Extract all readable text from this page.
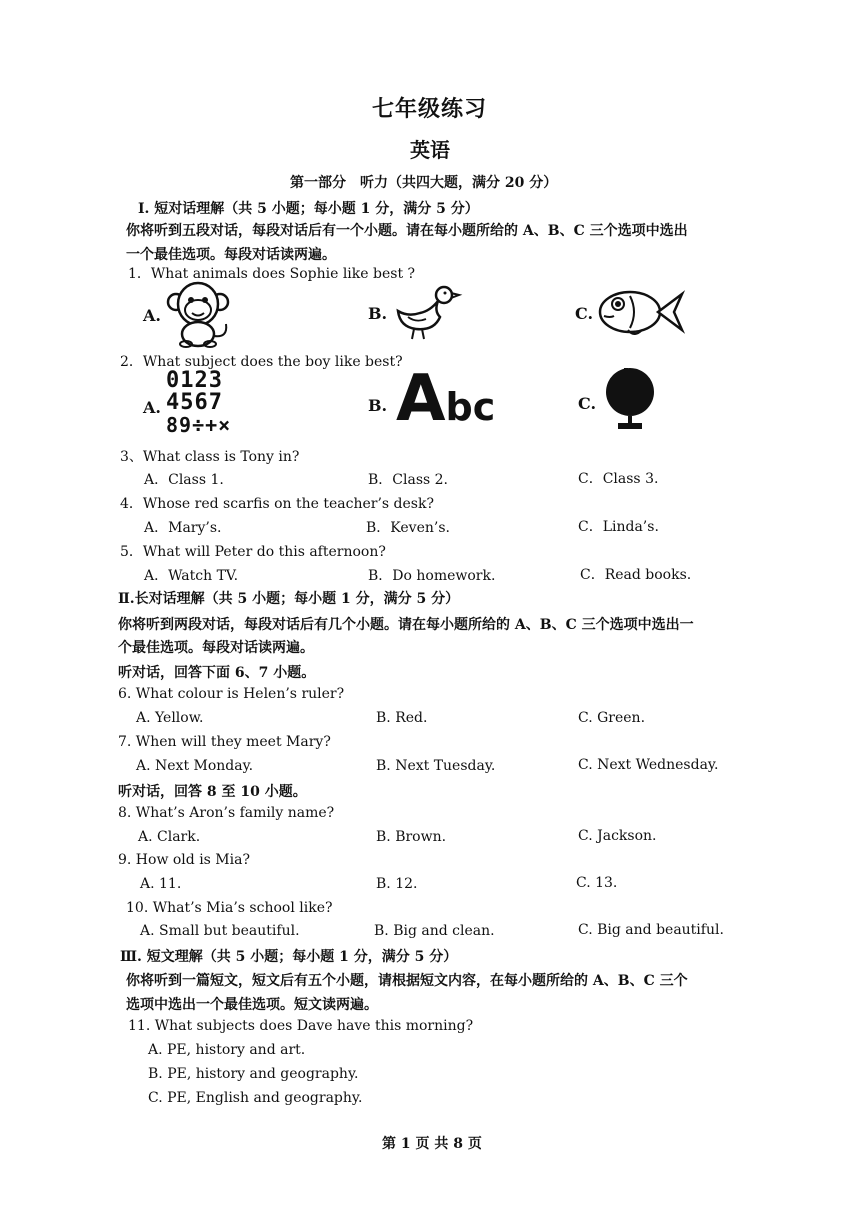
七年级练习
英语
第一部分　听力（共四大题，满分 20 分）
Ⅰ. 短对话理解（共 5 小题；每小题 1 分，满分 5 分）
你将听到五段对话，每段对话后有一个小题。请在每小题所给的 A、B、C 三个选项中选出
一个最佳选项。每段对话读两遍。
1．What animals does Sophie like best ?
A.	B.	C.
2．What subject does the boy like best?
A.
0123
4567
89÷+×
B. Abc	C.
3、What class is Tony in?
A．Class 1.	B．Class 2.	C．Class 3.
4．Whose red scarfis on the teacher’s desk?
A．Mary’s.	B．Keven’s.	C．Linda’s.
5．What will Peter do this afternoon?
A．Watch TV.	B．Do homework.	C．Read books.
Ⅱ.长对话理解（共 5 小题；每小题 1 分，满分 5 分）
你将听到两段对话，每段对话后有几个小题。请在每小题所给的 A、B、C 三个选项中选出一
个最佳选项。每段对话读两遍。
听对话，回答下面 6、7 小题。
6. What colour is Helen’s ruler?
A. Yellow.	B. Red.	C. Green.
7. When will they meet Mary?
A. Next Monday.	B. Next Tuesday.	C. Next Wednesday.
听对话，回答 8 至 10 小题。
8. What’s Aron’s family name?
A. Clark.	B. Brown.	C. Jackson.
9. How old is Mia?
A. 11.	B. 12.	C. 13.
10. What’s Mia’s school like?
A. Small but beautiful.	B. Big and clean.	C. Big and beautiful.
Ⅲ. 短文理解（共 5 小题；每小题 1 分，满分 5 分）
你将听到一篇短文，短文后有五个小题，请根据短文内容，在每小题所给的 A、B、C 三个
选项中选出一个最佳选项。短文读两遍。
11. What subjects does Dave have this morning?
A. PE, history and art.
B. PE, history and geography.
C. PE, English and geography.
第 1 页 共 8 页
